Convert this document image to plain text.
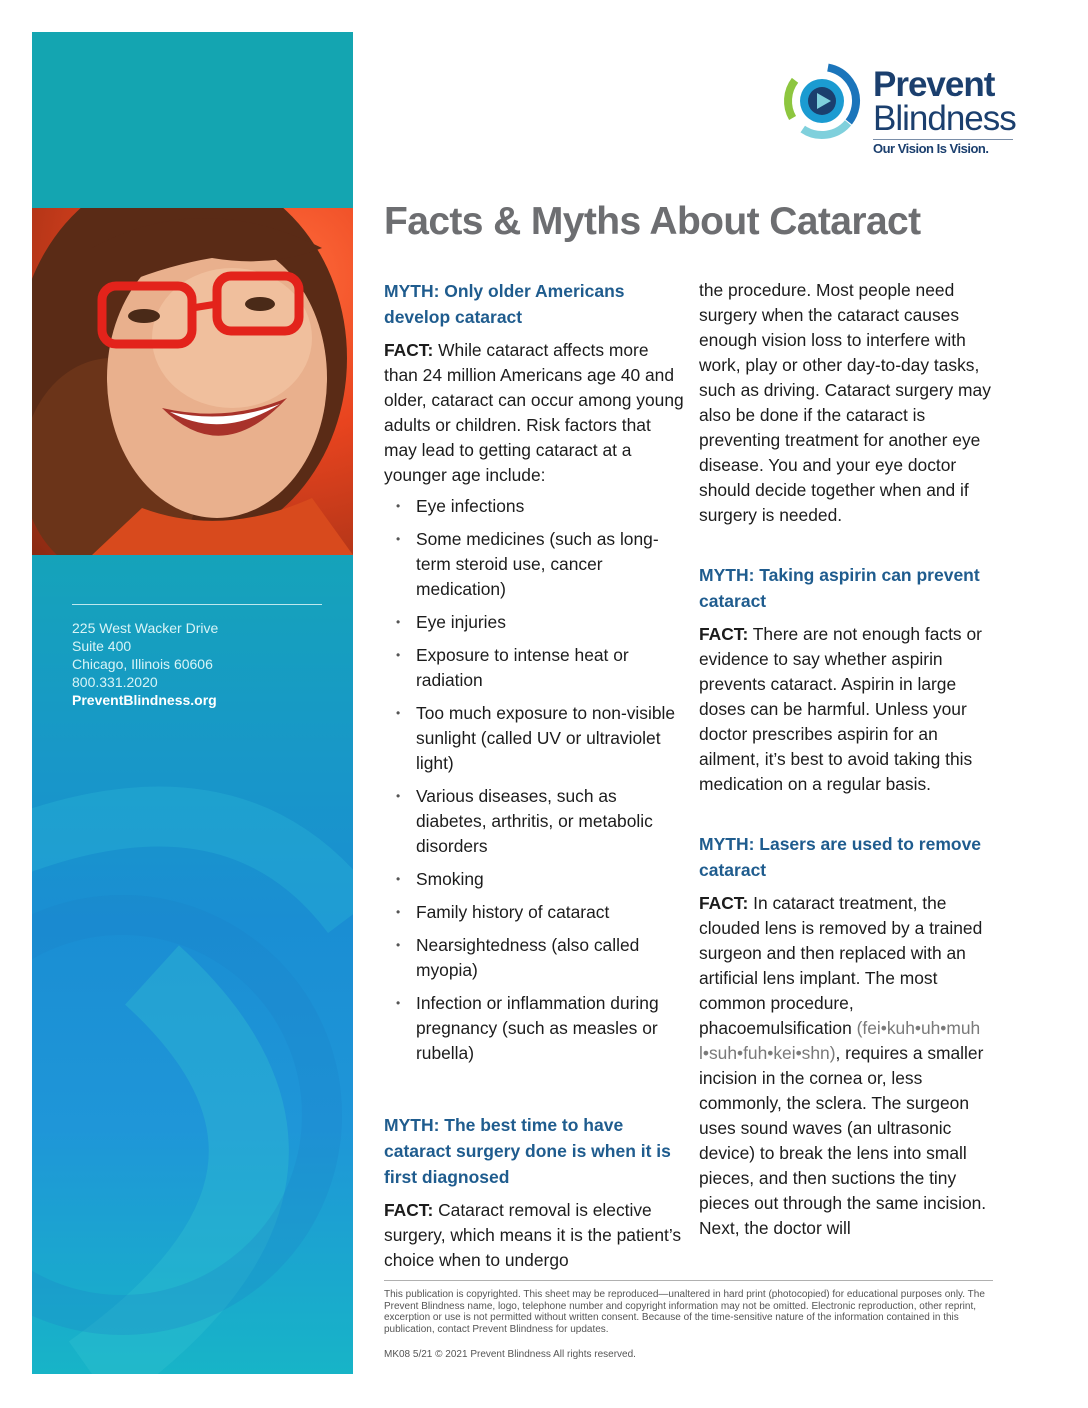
225 West Wacker Drive
Suite 400
Chicago, Illinois 60606
800.331.2020
PreventBlindness.org
Prevent
Blindness
Our Vision Is Vision.
Facts & Myths About Cataract
MYTH: Only older Americans develop cataract

FACT: While cataract affects more than 24 million Americans age 40 and older, cataract can occur among young adults or children. Risk factors that may lead to getting cataract at a younger age include:

• Eye infections
• Some medicines (such as long-term steroid use, cancer medication)
• Eye injuries
• Exposure to intense heat or radiation
• Too much exposure to non-visible sunlight (called UV or ultraviolet light)
• Various diseases, such as diabetes, arthritis, or metabolic disorders
• Smoking
• Family history of cataract
• Nearsightedness (also called myopia)
• Infection or inflammation during pregnancy (such as measles or rubella)
MYTH: The best time to have cataract surgery done is when it is first diagnosed

FACT: Cataract removal is elective surgery, which means it is the patient’s choice when to undergo

the procedure. Most people need surgery when the cataract causes enough vision loss to interfere with work, play or other day-to-day tasks, such as driving. Cataract surgery may also be done if the cataract is preventing treatment for another eye disease. You and your eye doctor should decide together when and if surgery is needed.

MYTH: Taking aspirin can prevent cataract

FACT: There are not enough facts or evidence to say whether aspirin prevents cataract. Aspirin in large doses can be harmful. Unless your doctor prescribes aspirin for an ailment, it’s best to avoid taking this medication on a regular basis.

MYTH: Lasers are used to remove cataract

FACT: In cataract treatment, the clouded lens is removed by a trained surgeon and then replaced with an artificial lens implant. The most common procedure, phacoemulsification (fei•kuh•uh•muh l•suh•fuh•kei•shn), requires a smaller incision in the cornea or, less commonly, the sclera. The surgeon uses sound waves (an ultrasonic device) to break the lens into small pieces, and then suctions the tiny pieces out through the same incision. Next, the doctor will

This publication is copyrighted. This sheet may be reproduced—unaltered in hard print (photocopied) for educational purposes only. The Prevent Blindness name, logo, telephone number and copyright information may not be omitted. Electronic reproduction, other reprint, excerption or use is not permitted without written consent. Because of the time-sensitive nature of the information contained in this publication, contact Prevent Blindness for updates.
MK08 5/21 © 2021 Prevent Blindness All rights reserved.
